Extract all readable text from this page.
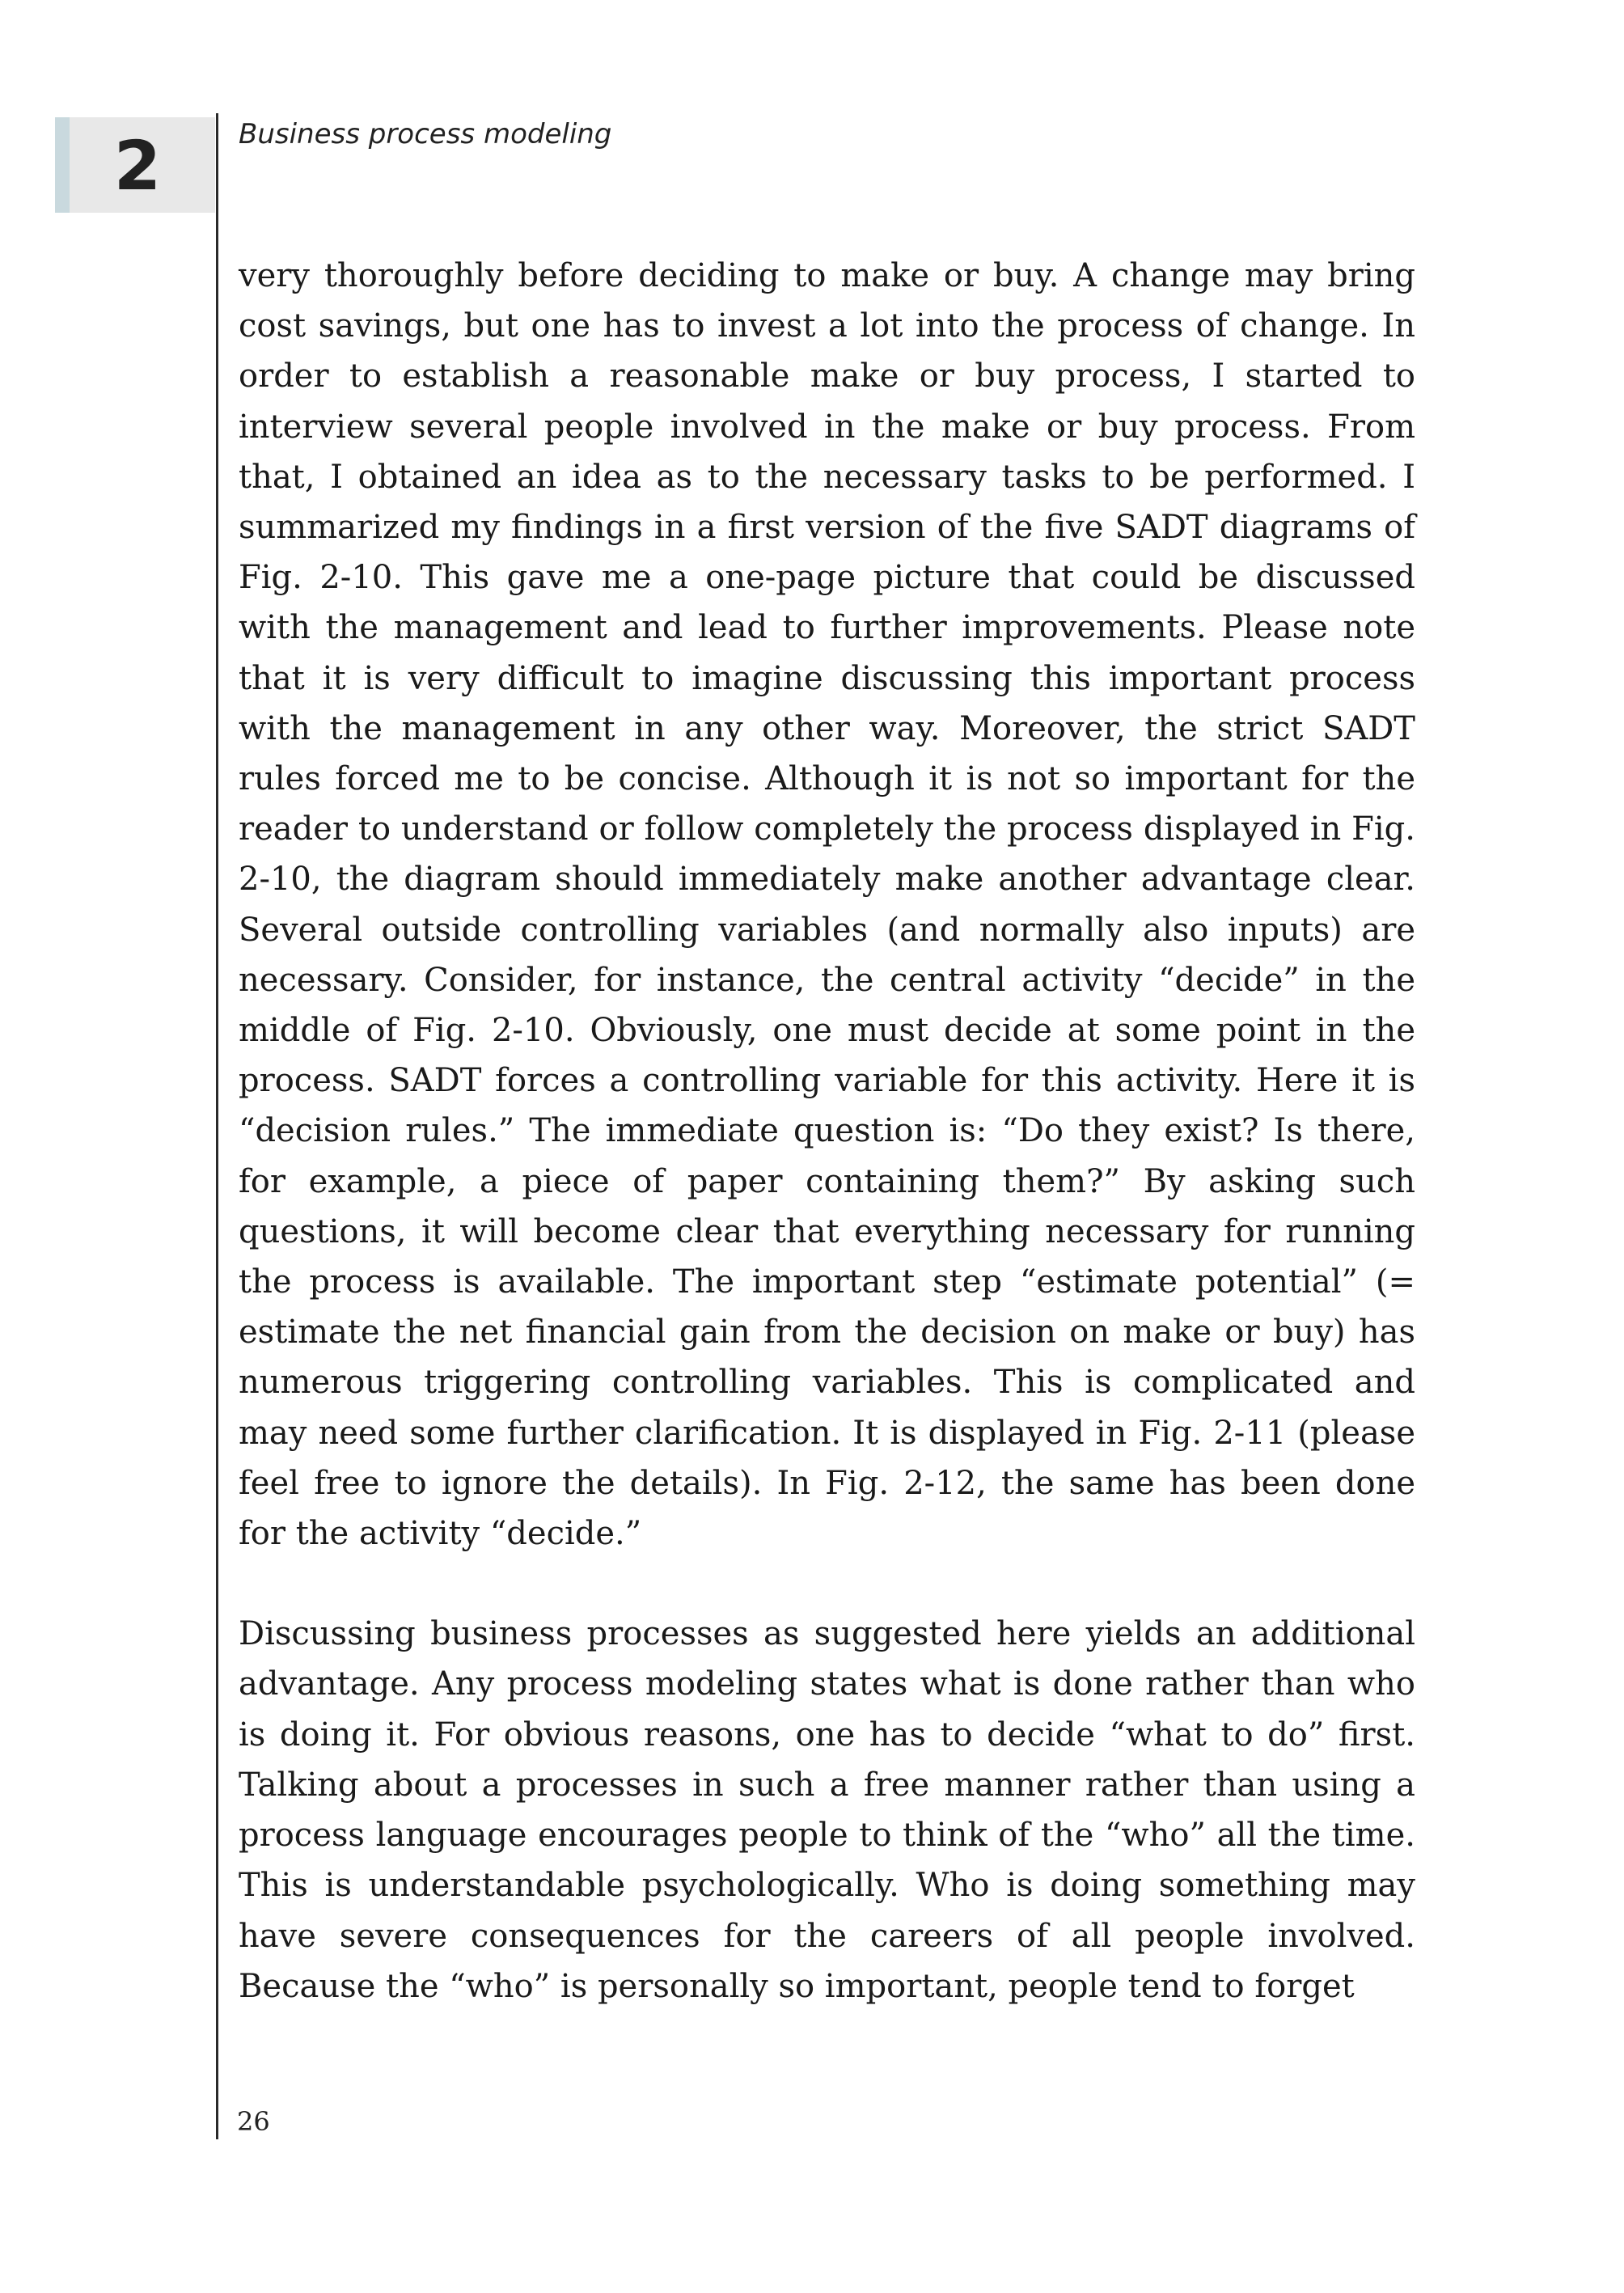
2	Business process modeling

very thoroughly before deciding to make or buy. A change may bring cost savings, but one has to invest a lot into the process of change. In order to establish a reasonable make or buy process, I started to interview several people involved in the make or buy process. From that, I obtained an idea as to the necessary tasks to be performed. I summarized my findings in a first version of the five SADT diagrams of Fig. 2-10. This gave me a one-page picture that could be discussed with the management and lead to further improvements. Please note that it is very difficult to imagine discussing this important process with the management in any other way. Moreover, the strict SADT rules forced me to be concise. Although it is not so important for the reader to understand or follow completely the process displayed in Fig. 2-10, the diagram should immediately make another advantage clear. Several outside controlling variables (and normally also inputs) are necessary. Consider, for instance, the central activity “decide” in the middle of Fig. 2-10. Obviously, one must decide at some point in the process. SADT forces a controlling variable for this activity. Here it is “decision rules.” The immediate question is: “Do they exist? Is there, for example, a piece of paper containing them?” By asking such questions, it will become clear that everything necessary for running the process is available. The important step “estimate potential” (= estimate the net financial gain from the decision on make or buy) has numerous triggering controlling variables. This is complicated and may need some further clarification. It is displayed in Fig. 2-11 (please feel free to ignore the details). In Fig. 2-12, the same has been done for the activity “decide.”

Discussing business processes as suggested here yields an additional advantage. Any process modeling states what is done rather than who is doing it. For obvious reasons, one has to decide “what to do” first. Talking about a processes in such a free manner rather than using a process language encourages people to think of the “who” all the time. This is understandable psychologically. Who is doing something may have severe consequences for the careers of all people involved. Because the “who” is personally so important, people tend to forget

26
